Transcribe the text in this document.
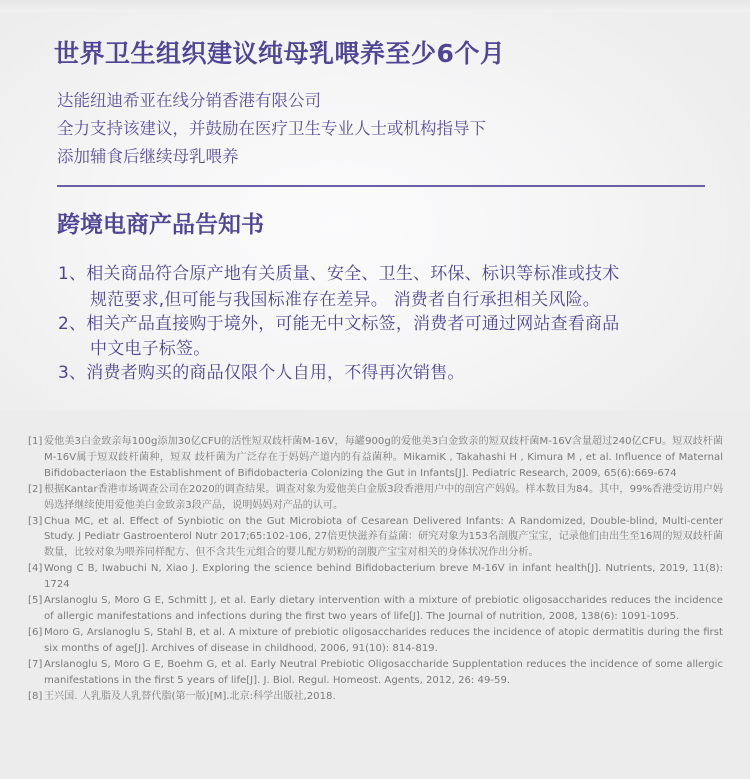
世界卫生组织建议纯母乳喂养至少6个月
达能纽迪希亚在线分销香港有限公司
全力支持该建议，并鼓励在医疗卫生专业人士或机构指导下
添加辅食后继续母乳喂养
跨境电商产品告知书
1、相关商品符合原产地有关质量、安全、卫生、环保、标识等标准或技术
规范要求,但可能与我国标准存在差异。 消费者自行承担相关风险。
2、相关产品直接购于境外，可能无中文标签，消费者可通过网站查看商品
中文电子标签。
3、消费者购买的商品仅限个人自用，不得再次销售。
[1] 爱他美3白金致亲每100g添加30亿CFU的活性短双歧杆菌M-16V，每罐900g的爱他美3白金致亲的短双歧杆菌M-16V含量超过240亿CFU。短双歧杆菌M-16V属于短双歧杆菌种，短双 歧杆菌为广泛存在于妈妈产道内的有益菌种。MikamiK , Takahashi H , Kimura M , et al. Influence of Maternal Bifidobacteriaon the Establishment of Bifidobacteria Colonizing the Gut in Infants[J]. Pediatric Research, 2009, 65(6):669-674
[2] 根据Kantar香港市场调查公司在2020的调查结果。调查对象为爱他美白金版3段香港用户中的剖宫产妈妈。样本数目为84。其中，99%香港受访用户妈妈选择继续使用爱他美白金致亲3段产品，说明妈妈对产品的认可。
[3] Chua MC, et al. Effect of Synbiotic on the Gut Microbiota of Cesarean Delivered Infants: A Randomized, Double-blind, Multi-center Study. J Pediatr Gastroenterol Nutr 2017;65:102-106, 27倍更快滋养有益菌：研究对象为153名剖腹产宝宝，记录他们由出生至16周的短双歧杆菌数量，比较对象为喂养同样配方、但不含共生元组合的婴儿配方奶粉的剖腹产宝宝对相关的身体状况作出分析。
[4] Wong C B, Iwabuchi N, Xiao J. Exploring the science behind Bifidobacterium breve M-16V in infant health[J]. Nutrients, 2019, 11(8): 1724
[5] Arslanoglu S, Moro G E, Schmitt J, et al. Early dietary intervention with a mixture of prebiotic oligosaccharides reduces the incidence of allergic manifestations and infections during the first two years of life[J]. The Journal of nutrition, 2008, 138(6): 1091-1095.
[6] Moro G, Arslanoglu S, Stahl B, et al. A mixture of prebiotic oligosaccharides reduces the incidence of atopic dermatitis during the first six months of age[J]. Archives of disease in childhood, 2006, 91(10): 814-819.
[7] Arslanoglu S, Moro G E, Boehm G, et al. Early Neutral Prebiotic Oligosaccharide Supplentation reduces the incidence of some allergic manifestations in the first 5 years of life[J]. J. Biol. Regul. Homeost. Agents, 2012, 26: 49-59.
[8] 王兴国. 人乳脂及人乳替代脂(第一版)[M].北京:科学出版社,2018.
